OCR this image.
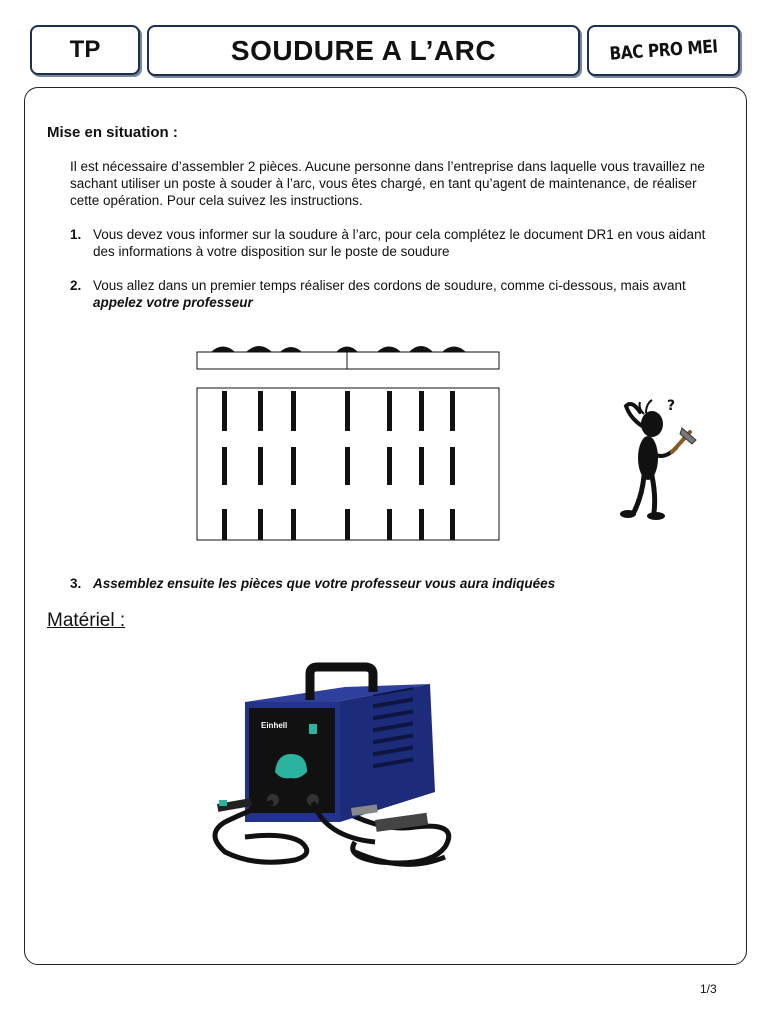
TP	SOUDURE A L’ARC	BAC PRO MEI
Mise en situation :
Il est nécessaire d’assembler 2 pièces. Aucune personne dans l’entreprise dans laquelle vous travaillez ne sachant utiliser un poste à souder à l’arc, vous êtes chargé, en tant qu’agent de maintenance, de réaliser cette opération. Pour cela suivez les instructions.
1. Vous devez vous informer sur la soudure à l’arc, pour cela complétez le document DR1 en vous aidant des informations à votre disposition sur le poste de soudure
2. Vous allez dans un premier temps réaliser des cordons de soudure, comme ci-dessous, mais avant appelez votre professeur
?
3. Assemblez ensuite les pièces que votre professeur vous aura indiquées
Matériel :
Einhell
1/3
